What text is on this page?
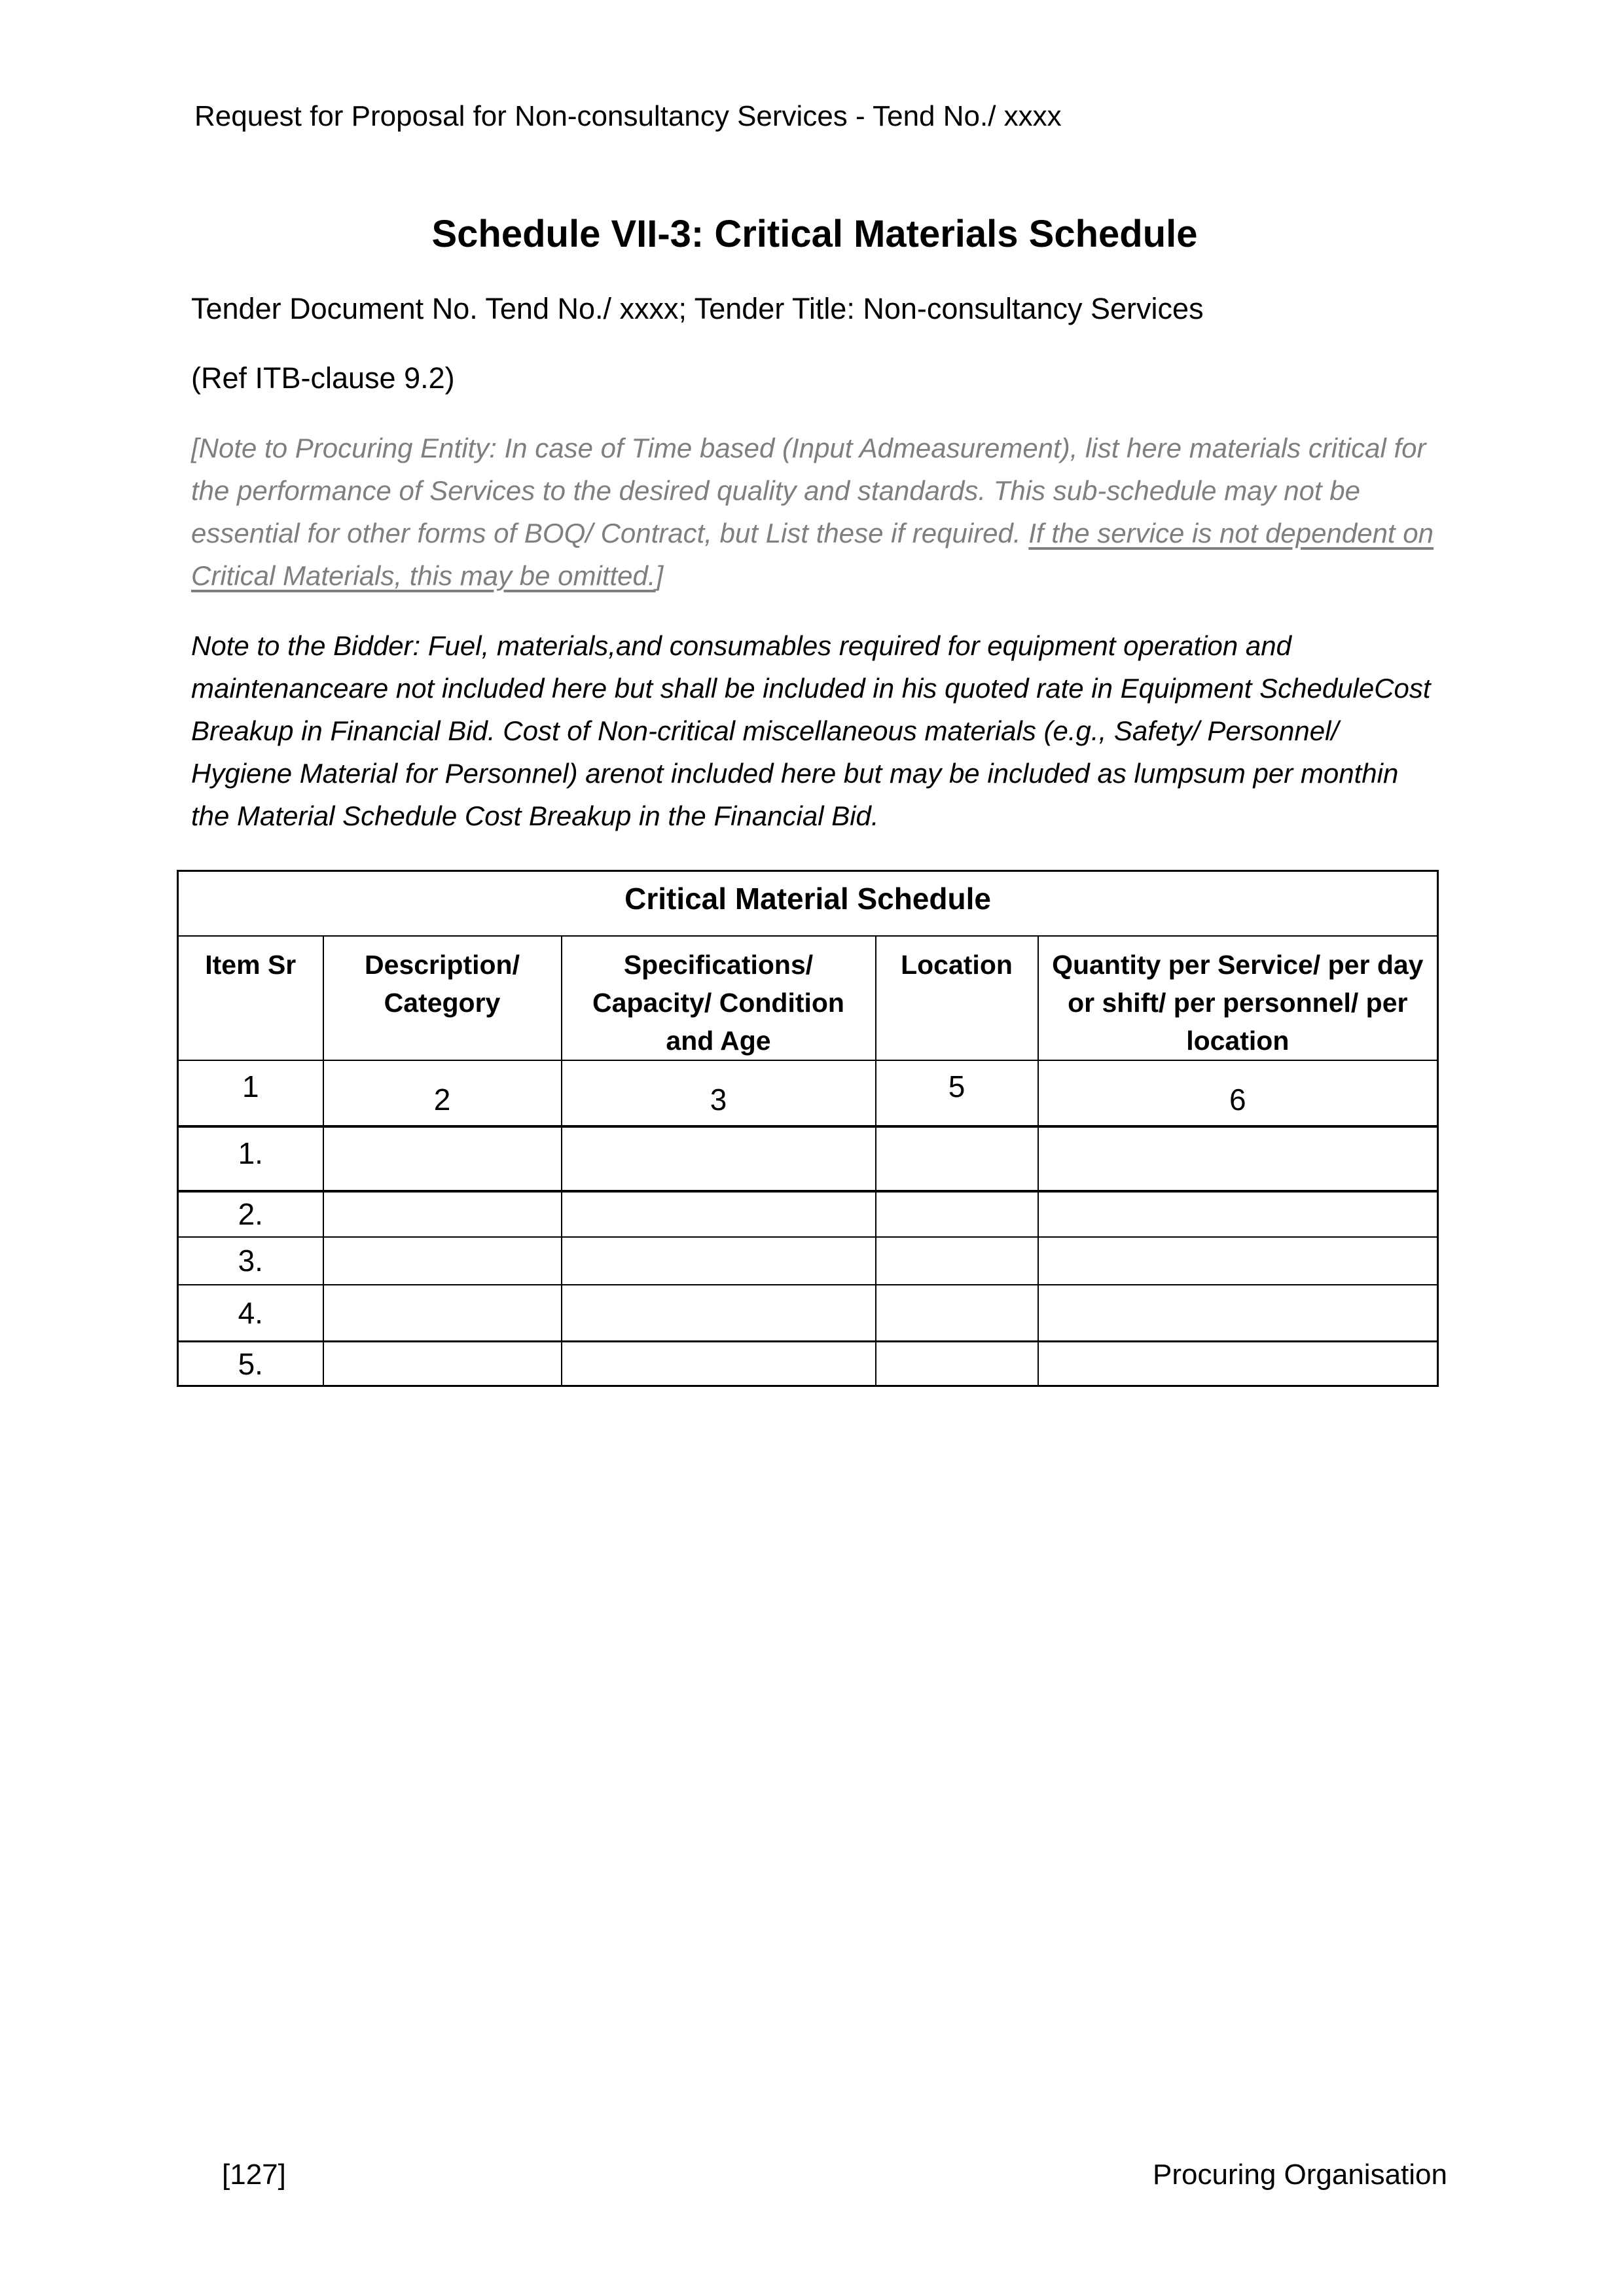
Request for Proposal for Non-consultancy Services - Tend No./ xxxx
Schedule VII-3: Critical Materials Schedule
Tender Document No. Tend No./ xxxx; Tender Title: Non-consultancy Services
(Ref ITB-clause 9.2)
[Note to Procuring Entity: In case of Time based (Input Admeasurement), list here materials critical for the performance of Services to the desired quality and standards. This sub-schedule may not be essential for other forms of BOQ/ Contract, but List these if required. If the service is not dependent on Critical Materials, this may be omitted.]
Note to the Bidder: Fuel, materials,and consumables required for equipment operation and maintenanceare not included here but shall be included in his quoted rate in Equipment ScheduleCost Breakup in Financial Bid. Cost of Non-critical miscellaneous materials (e.g., Safety/ Personnel/ Hygiene Material for Personnel) arenot included here but may be included as lumpsum per monthin the Material Schedule Cost Breakup in the Financial Bid.
Critical Material Schedule				
Item Sr	Description/ Category	Specifications/ Capacity/ Condition and Age	Location	Quantity per Service/ per day or shift/ per personnel/ per location
1	2	3	5	6
1.				
2.				
3.				
4.				
5.				
[127]	Procuring Organisation
